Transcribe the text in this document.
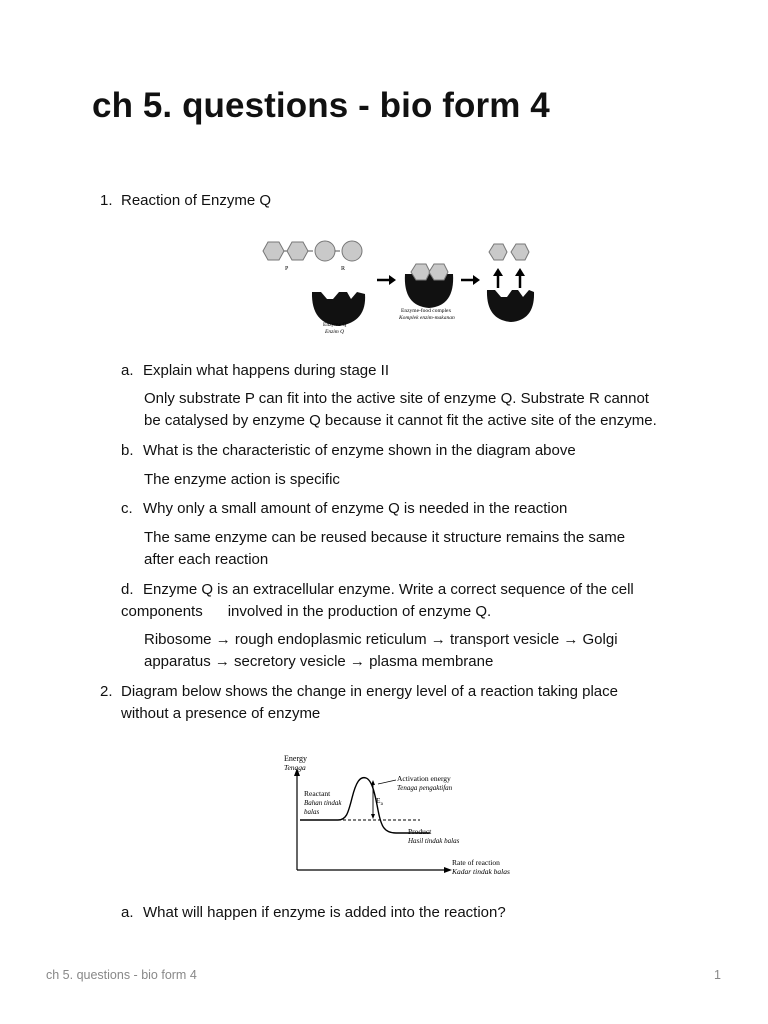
ch 5. questions - bio form 4
1. Reaction of Enzyme Q

P	R
Enzyme Q
Enzim Q
Enzyme-food complex
Komplek enzim-makanan
a. Explain what happens during stage II

Only substrate P can fit into the active site of enzyme Q. Substrate R cannot

be catalysed by enzyme Q because it cannot fit the active site of the enzyme.

b. What is the characteristic of enzyme shown in the diagram above

The enzyme action is specific

c. Why only a small amount of enzyme Q is needed in the reaction

The same enzyme can be reused because it structure remains the same

after each reaction

d. Enzyme Q is an extracellular enzyme. Write a correct sequence of the cell

components      involved in the production of enzyme Q.

Ribosome → rough endoplasmic reticulum → transport vesicle → Golgi

apparatus → secretory vesicle → plasma membrane

2. Diagram below shows the change in energy level of a reaction taking place

without a presence of enzyme

Energy
Tenaga
Rate of reaction
Kadar tindak balas
$E_a$
Activation energy
Tenaga pengaktifan
Reactant
Bahan tindak
balas
Product
Hasil tindak balas
a. What will happen if enzyme is added into the reaction?

ch 5. questions - bio form 4	1
